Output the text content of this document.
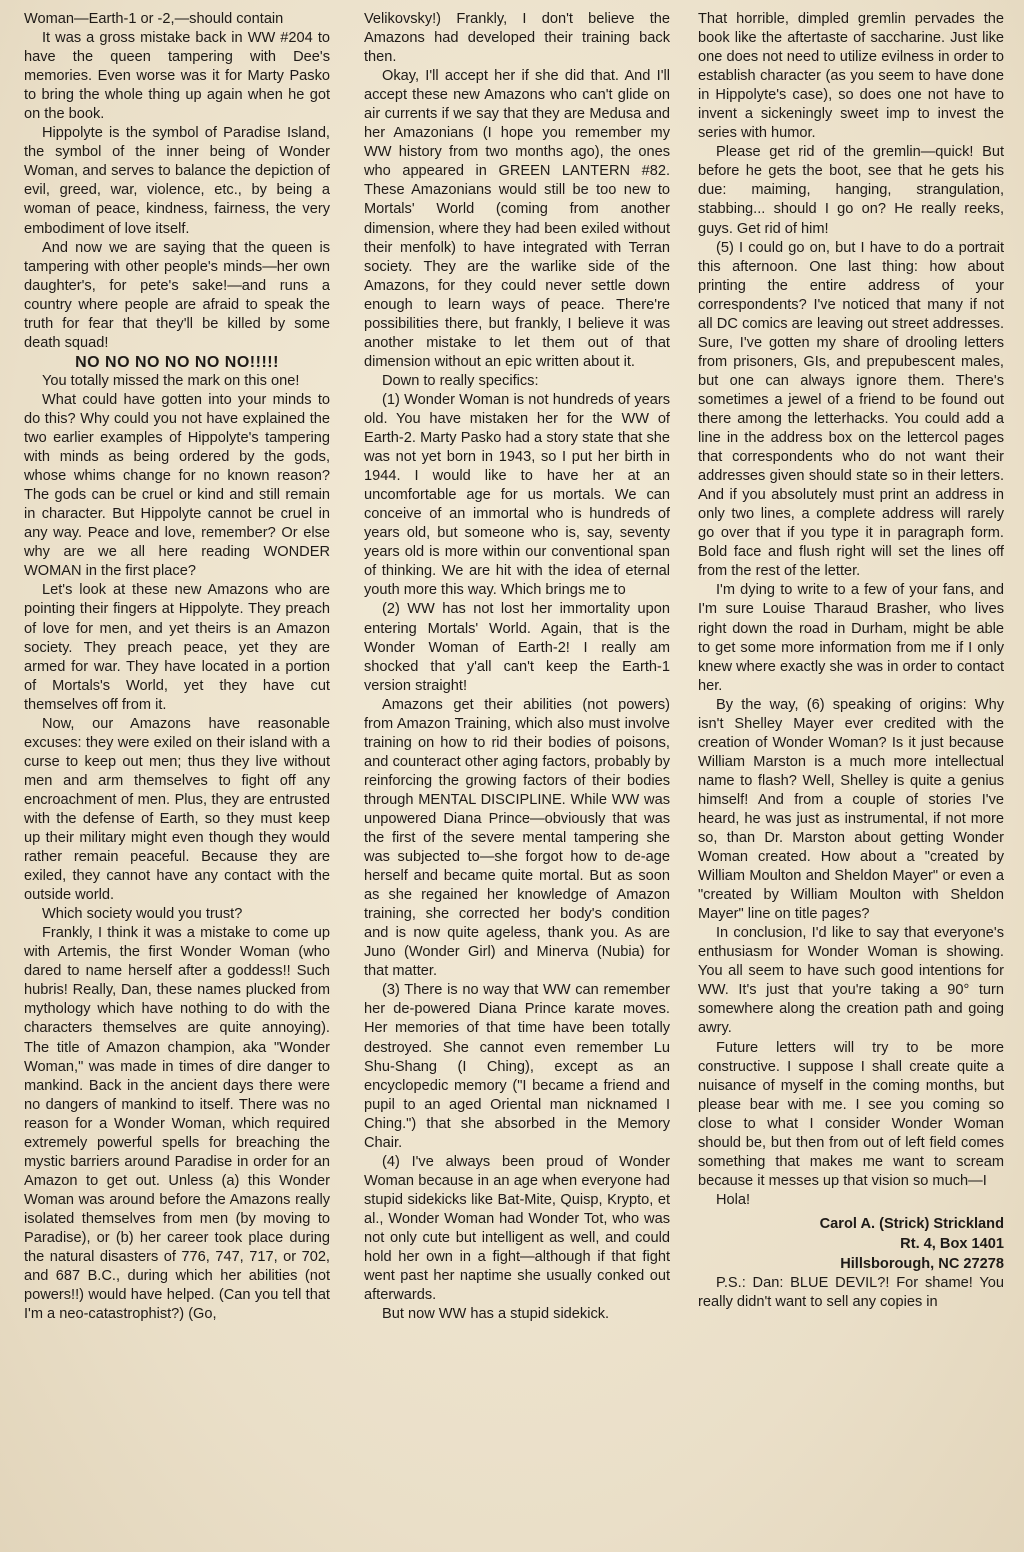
Woman—Earth-1 or -2,—should contain

It was a gross mistake back in WW #204 to have the queen tampering with Dee's memories. Even worse was it for Marty Pasko to bring the whole thing up again when he got on the book.

Hippolyte is the symbol of Paradise Island, the symbol of the inner being of Wonder Woman, and serves to balance the depiction of evil, greed, war, violence, etc., by being a woman of peace, kindness, fairness, the very embodiment of love itself.

And now we are saying that the queen is tampering with other people's minds—her own daughter's, for pete's sake!—and runs a country where people are afraid to speak the truth for fear that they'll be killed by some death squad!

NO NO NO NO NO NO!!!!!

You totally missed the mark on this one!

What could have gotten into your minds to do this? Why could you not have explained the two earlier examples of Hippolyte's tampering with minds as being ordered by the gods, whose whims change for no known reason? The gods can be cruel or kind and still remain in character. But Hippolyte cannot be cruel in any way. Peace and love, remember? Or else why are we all here reading WONDER WOMAN in the first place?

Let's look at these new Amazons who are pointing their fingers at Hippolyte. They preach of love for men, and yet theirs is an Amazon society. They preach peace, yet they are armed for war. They have located in a portion of Mortals's World, yet they have cut themselves off from it.

Now, our Amazons have reasonable excuses: they were exiled on their island with a curse to keep out men; thus they live without men and arm themselves to fight off any encroachment of men. Plus, they are entrusted with the defense of Earth, so they must keep up their military might even though they would rather remain peaceful. Because they are exiled, they cannot have any contact with the outside world.

Which society would you trust?

Frankly, I think it was a mistake to come up with Artemis, the first Wonder Woman (who dared to name herself after a goddess!! Such hubris! Really, Dan, these names plucked from mythology which have nothing to do with the characters themselves are quite annoying). The title of Amazon champion, aka "Wonder Woman," was made in times of dire danger to mankind. Back in the ancient days there were no dangers of mankind to itself. There was no reason for a Wonder Woman, which required extremely powerful spells for breaching the mystic barriers around Paradise in order for an Amazon to get out. Unless (a) this Wonder Woman was around before the Amazons really isolated themselves from men (by moving to Paradise), or (b) her career took place during the natural disasters of 776, 747, 717, or 702, and 687 B.C., during which her abilities (not powers!!) would have helped. (Can you tell that I'm a neo-catastrophist?) (Go,

Velikovsky!) Frankly, I don't believe the Amazons had developed their training back then.

Okay, I'll accept her if she did that. And I'll accept these new Amazons who can't glide on air currents if we say that they are Medusa and her Amazonians (I hope you remember my WW history from two months ago), the ones who appeared in GREEN LANTERN #82. These Amazonians would still be too new to Mortals' World (coming from another dimension, where they had been exiled without their menfolk) to have integrated with Terran society. They are the warlike side of the Amazons, for they could never settle down enough to learn ways of peace. There're possibilities there, but frankly, I believe it was another mistake to let them out of that dimension without an epic written about it.

Down to really specifics:

(1) Wonder Woman is not hundreds of years old. You have mistaken her for the WW of Earth-2. Marty Pasko had a story state that she was not yet born in 1943, so I put her birth in 1944. I would like to have her at an uncomfortable age for us mortals. We can conceive of an immortal who is hundreds of years old, but someone who is, say, seventy years old is more within our conventional span of thinking. We are hit with the idea of eternal youth more this way. Which brings me to

(2) WW has not lost her immortality upon entering Mortals' World. Again, that is the Wonder Woman of Earth-2! I really am shocked that y'all can't keep the Earth-1 version straight!

Amazons get their abilities (not powers) from Amazon Training, which also must involve training on how to rid their bodies of poisons, and counteract other aging factors, probably by reinforcing the growing factors of their bodies through MENTAL DISCIPLINE. While WW was unpowered Diana Prince—obviously that was the first of the severe mental tampering she was subjected to—she forgot how to de-age herself and became quite mortal. But as soon as she regained her knowledge of Amazon training, she corrected her body's condition and is now quite ageless, thank you. As are Juno (Wonder Girl) and Minerva (Nubia) for that matter.

(3) There is no way that WW can remember her de-powered Diana Prince karate moves. Her memories of that time have been totally destroyed. She cannot even remember Lu Shu-Shang (I Ching), except as an encyclopedic memory ("I became a friend and pupil to an aged Oriental man nicknamed I Ching.") that she absorbed in the Memory Chair.

(4) I've always been proud of Wonder Woman because in an age when everyone had stupid sidekicks like Bat-Mite, Quisp, Krypto, et al., Wonder Woman had Wonder Tot, who was not only cute but intelligent as well, and could hold her own in a fight—although if that fight went past her naptime she usually conked out afterwards.

But now WW has a stupid sidekick.

That horrible, dimpled gremlin pervades the book like the aftertaste of saccharine. Just like one does not need to utilize evilness in order to establish character (as you seem to have done in Hippolyte's case), so does one not have to invent a sickeningly sweet imp to invest the series with humor.

Please get rid of the gremlin—quick! But before he gets the boot, see that he gets his due: maiming, hanging, strangulation, stabbing... should I go on? He really reeks, guys. Get rid of him!

(5) I could go on, but I have to do a portrait this afternoon. One last thing: how about printing the entire address of your correspondents? I've noticed that many if not all DC comics are leaving out street addresses. Sure, I've gotten my share of drooling letters from prisoners, GIs, and prepubescent males, but one can always ignore them. There's sometimes a jewel of a friend to be found out there among the letterhacks. You could add a line in the address box on the lettercol pages that correspondents who do not want their addresses given should state so in their letters. And if you absolutely must print an address in only two lines, a complete address will rarely go over that if you type it in paragraph form. Bold face and flush right will set the lines off from the rest of the letter.

I'm dying to write to a few of your fans, and I'm sure Louise Tharaud Brasher, who lives right down the road in Durham, might be able to get some more information from me if I only knew where exactly she was in order to contact her.

By the way, (6) speaking of origins: Why isn't Shelley Mayer ever credited with the creation of Wonder Woman? Is it just because William Marston is a much more intellectual name to flash? Well, Shelley is quite a genius himself! And from a couple of stories I've heard, he was just as instrumental, if not more so, than Dr. Marston about getting Wonder Woman created. How about a "created by William Moulton and Sheldon Mayer" or even a "created by William Moulton with Sheldon Mayer" line on title pages?

In conclusion, I'd like to say that everyone's enthusiasm for Wonder Woman is showing. You all seem to have such good intentions for WW. It's just that you're taking a 90° turn somewhere along the creation path and going awry.

Future letters will try to be more constructive. I suppose I shall create quite a nuisance of myself in the coming months, but please bear with me. I see you coming so close to what I consider Wonder Woman should be, but then from out of left field comes something that makes me want to scream because it messes up that vision so much—I

Hola!

Carol A. (Strick) Strickland
Rt. 4, Box 1401
Hillsborough, NC 27278

P.S.: Dan: BLUE DEVIL?! For shame! You really didn't want to sell any copies in
